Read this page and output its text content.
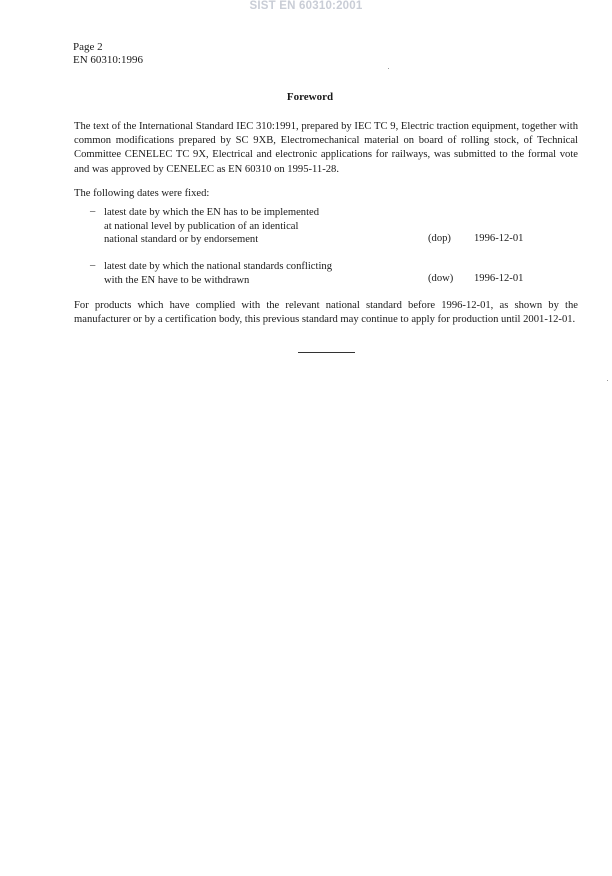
SIST EN 60310:2001
Page 2
EN 60310:1996
Foreword
The text of the International Standard IEC 310:1991, prepared by IEC TC 9, Electric traction equipment, together with common modifications prepared by SC 9XB, Electromechanical material on board of rolling stock, of Technical Committee CENELEC TC 9X, Electrical and electronic applications for railways, was submitted to the formal vote and was approved by CENELEC as EN 60310 on 1995-11-28.
The following dates were fixed:
– latest date by which the EN has to be implemented
at national level by publication of an identical
national standard or by endorsement	(dop) 1996-12-01
– latest date by which the national standards conflicting
with the EN have to be withdrawn	(dow) 1996-12-01
For products which have complied with the relevant national standard before 1996-12-01, as shown by the manufacturer or by a certification body, this previous standard may continue to apply for production until 2001-12-01.
